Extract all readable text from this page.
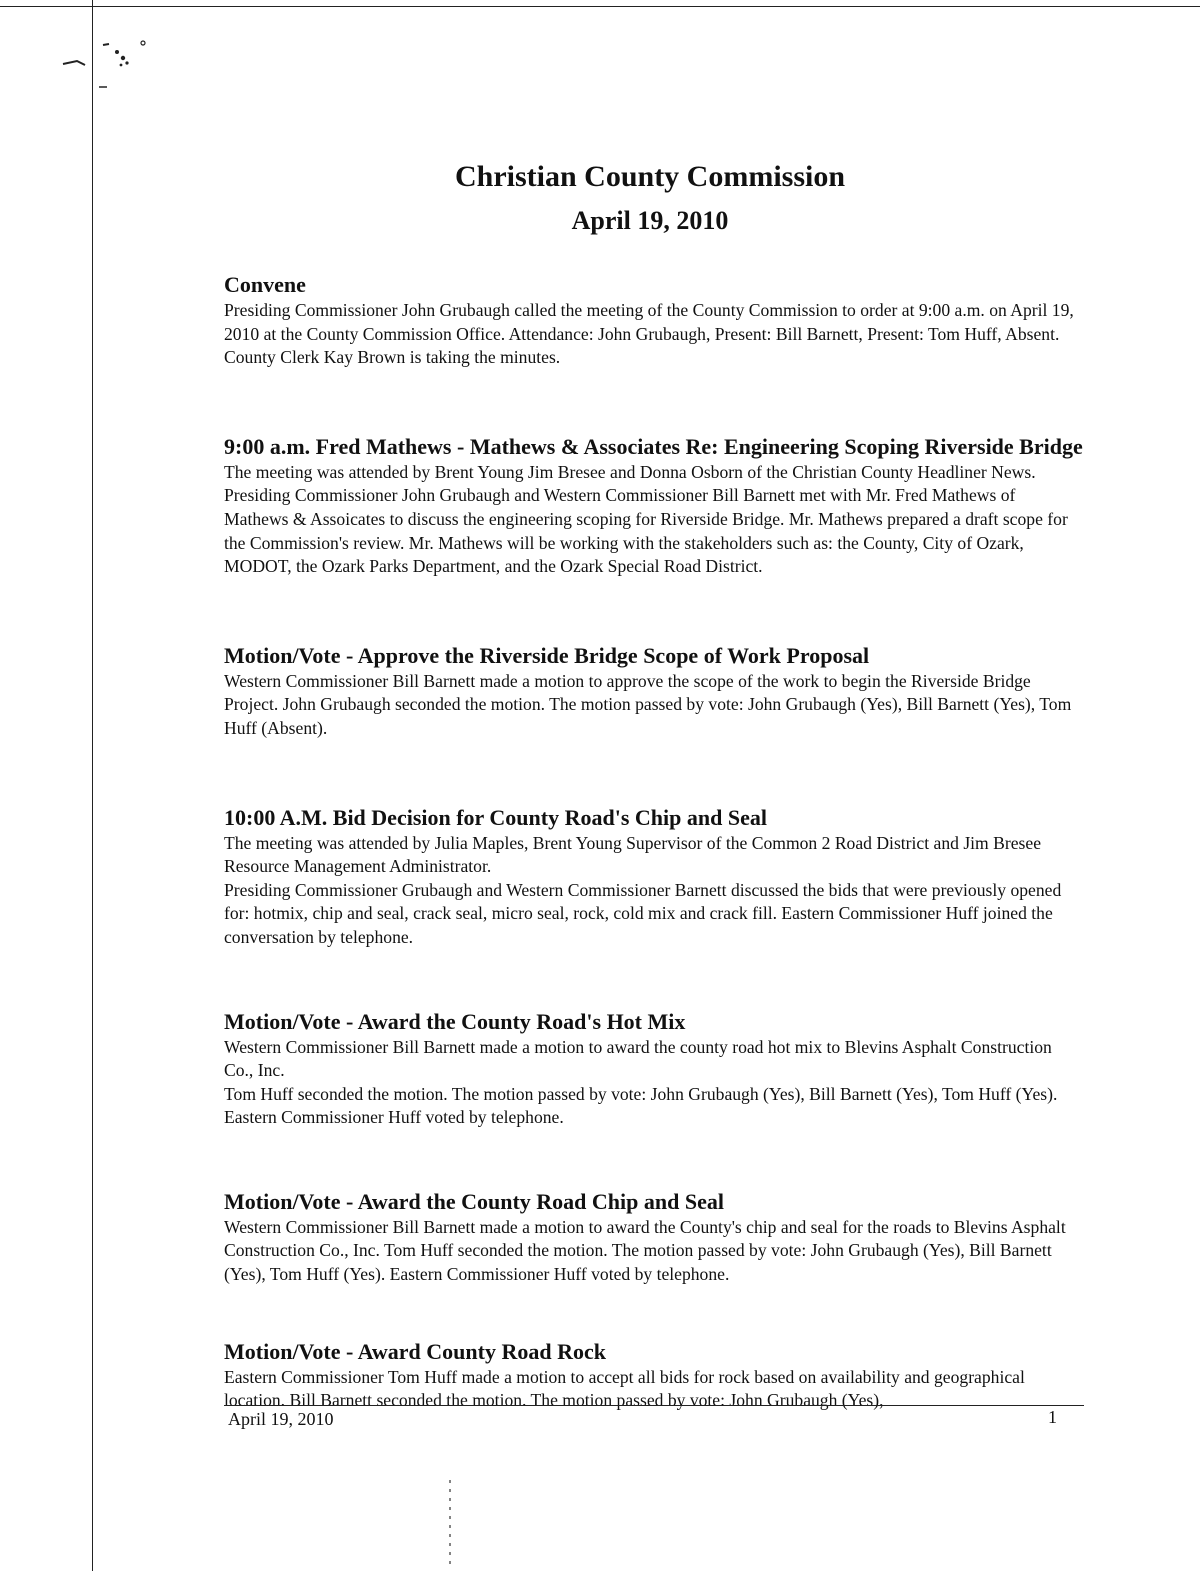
Christian County Commission
April 19, 2010
Convene

Presiding Commissioner John Grubaugh called the meeting of the County Commission to order at 9:00 a.m. on April 19, 2010 at the County Commission Office. Attendance: John Grubaugh, Present: Bill Barnett, Present: Tom Huff, Absent. County Clerk Kay Brown is taking the minutes.

9:00 a.m. Fred Mathews - Mathews & Associates Re: Engineering Scoping Riverside Bridge

The meeting was attended by Brent Young Jim Bresee and Donna Osborn of the Christian County Headliner News.

Presiding Commissioner John Grubaugh and Western Commissioner Bill Barnett met with Mr. Fred Mathews of Mathews & Assoicates to discuss the engineering scoping for Riverside Bridge. Mr. Mathews prepared a draft scope for the Commission's review. Mr. Mathews will be working with the stakeholders such as: the County, City of Ozark, MODOT, the Ozark Parks Department, and the Ozark Special Road District.

Motion/Vote - Approve the Riverside Bridge Scope of Work Proposal

Western Commissioner Bill Barnett made a motion to approve the scope of the work to begin the Riverside Bridge Project. John Grubaugh seconded the motion. The motion passed by vote: John Grubaugh (Yes), Bill Barnett (Yes), Tom Huff (Absent).

10:00 A.M. Bid Decision for County Road's Chip and Seal

The meeting was attended by Julia Maples, Brent Young Supervisor of the Common 2 Road District and Jim Bresee Resource Management Administrator.

Presiding Commissioner Grubaugh and Western Commissioner Barnett discussed the bids that were previously opened for: hotmix, chip and seal, crack seal, micro seal, rock, cold mix and crack fill. Eastern Commissioner Huff joined the conversation by telephone.

Motion/Vote - Award the County Road's Hot Mix

Western Commissioner Bill Barnett made a motion to award the county road hot mix to Blevins Asphalt Construction Co., Inc.

Tom Huff seconded the motion. The motion passed by vote: John Grubaugh (Yes), Bill Barnett (Yes), Tom Huff (Yes). Eastern Commissioner Huff voted by telephone.

Motion/Vote - Award the County Road Chip and Seal

Western Commissioner Bill Barnett made a motion to award the County's chip and seal for the roads to Blevins Asphalt Construction Co., Inc. Tom Huff seconded the motion. The motion passed by vote: John Grubaugh (Yes), Bill Barnett (Yes), Tom Huff (Yes). Eastern Commissioner Huff voted by telephone.

Motion/Vote - Award County Road Rock

Eastern Commissioner Tom Huff made a motion to accept all bids for rock based on availability and geographical location. Bill Barnett seconded the motion. The motion passed by vote: John Grubaugh (Yes),

April 19, 2010	1
